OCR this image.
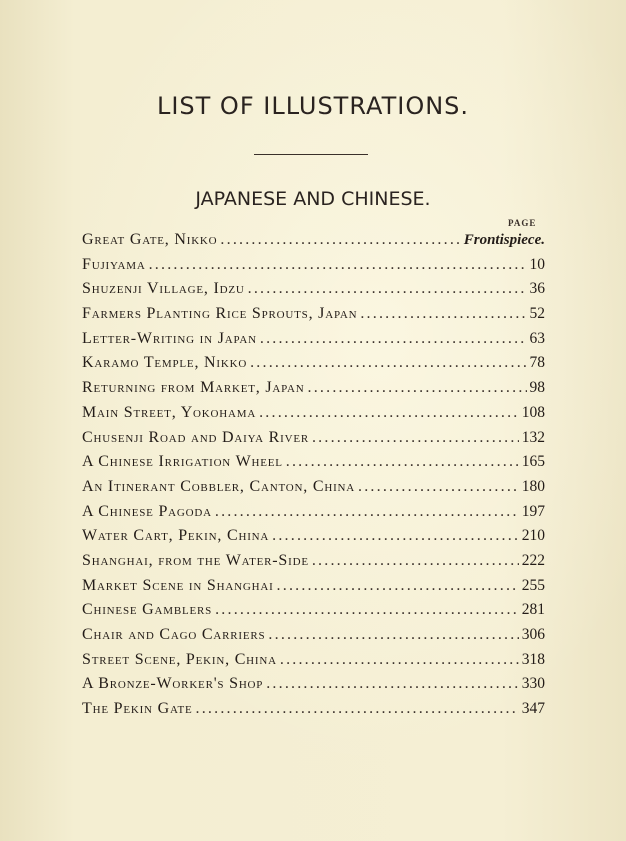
LIST OF ILLUSTRATIONS.
JAPANESE AND CHINESE.
PAGE
Great Gate, Nikko .....	Frontispiece.
Fujiyama .....	10
Shuzenji Village, Idzu .....	36
Farmers Planting Rice Sprouts, Japan .....	52
Letter-Writing in Japan .....	63
Karamo Temple, Nikko .....	78
Returning from Market, Japan .....	98
Main Street, Yokohama .....	108
Chusenji Road and Daiya River .....	132
A Chinese Irrigation Wheel .....	165
An Itinerant Cobbler, Canton, China .....	180
A Chinese Pagoda .....	197
Water Cart, Pekin, China .....	210
Shanghai, from the Water-Side .....	222
Market Scene in Shanghai .....	255
Chinese Gamblers .....	281
Chair and Cago Carriers .....	306
Street Scene, Pekin, China .....	318
A Bronze-Worker's Shop .....	330
The Pekin Gate .....	347
